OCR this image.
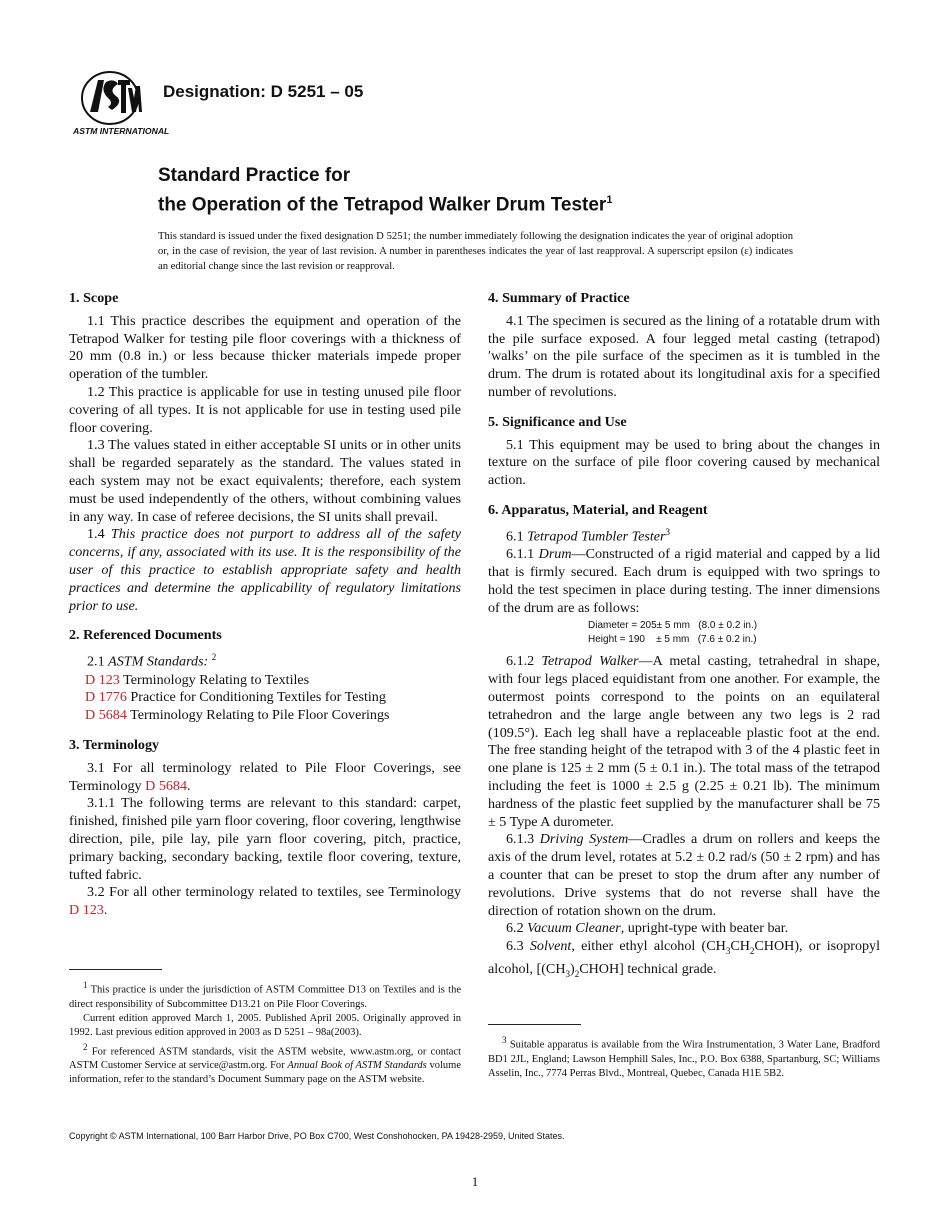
ASTM INTERNATIONAL
Designation: D 5251 – 05
Standard Practice for
the Operation of the Tetrapod Walker Drum Tester$^1$
This standard is issued under the fixed designation D 5251; the number immediately following the designation indicates the year of original adoption or, in the case of revision, the year of last revision. A number in parentheses indicates the year of last reapproval. A superscript epsilon (ε) indicates an editorial change since the last revision or reapproval.
1. Scope

1.1 This practice describes the equipment and operation of the Tetrapod Walker for testing pile floor coverings with a thickness of 20 mm (0.8 in.) or less because thicker materials impede proper operation of the tumbler.

1.2 This practice is applicable for use in testing unused pile floor covering of all types. It is not applicable for use in testing used pile floor covering.

1.3 The values stated in either acceptable SI units or in other units shall be regarded separately as the standard. The values stated in each system may not be exact equivalents; therefore, each system must be used independently of the others, without combining values in any way. In case of referee decisions, the SI units shall prevail.

1.4 This practice does not purport to address all of the safety concerns, if any, associated with its use. It is the responsibility of the user of this practice to establish appropriate safety and health practices and determine the applicability of regulatory limitations prior to use.

2. Referenced Documents

2.1 ASTM Standards: $^2$

D 123 Terminology Relating to Textiles

D 1776 Practice for Conditioning Textiles for Testing

D 5684 Terminology Relating to Pile Floor Coverings

3. Terminology

3.1 For all terminology related to Pile Floor Coverings, see Terminology D 5684.

3.1.1 The following terms are relevant to this standard: carpet, finished, finished pile yarn floor covering, floor covering, lengthwise direction, pile, pile lay, pile yarn floor covering, pitch, practice, primary backing, secondary backing, textile floor covering, texture, tufted fabric.

3.2 For all other terminology related to textiles, see Terminology D 123.

4. Summary of Practice

4.1 The specimen is secured as the lining of a rotatable drum with the pile surface exposed. A four legged metal casting (tetrapod) ′walks’ on the pile surface of the specimen as it is tumbled in the drum. The drum is rotated about its longitudinal axis for a specified number of revolutions.

5. Significance and Use

5.1 This equipment may be used to bring about the changes in texture on the surface of pile floor covering caused by mechanical action.

6. Apparatus, Material, and Reagent

6.1 Tetrapod Tumbler Tester$^3$

6.1.1 Drum—Constructed of a rigid material and capped by a lid that is firmly secured. Each drum is equipped with two springs to hold the test specimen in place during testing. The inner dimensions of the drum are as follows:

Diameter = 205± 5 mm   (8.0 ± 0.2 in.)
Height = 190    ± 5 mm   (7.6 ± 0.2 in.)

6.1.2 Tetrapod Walker—A metal casting, tetrahedral in shape, with four legs placed equidistant from one another. For example, the outermost points correspond to the points on an equilateral tetrahedron and the large angle between any two legs is 2 rad (109.5°). Each leg shall have a replaceable plastic foot at the end. The free standing height of the tetrapod with 3 of the 4 plastic feet in one plane is 125 ± 2 mm (5 ± 0.1 in.). The total mass of the tetrapod including the feet is 1000 ± 2.5 g (2.25 ± 0.21 lb). The minimum hardness of the plastic feet supplied by the manufacturer shall be 75 ± 5 Type A durometer.

6.1.3 Driving System—Cradles a drum on rollers and keeps the axis of the drum level, rotates at 5.2 ± 0.2 rad/s (50 ± 2 rpm) and has a counter that can be preset to stop the drum after any number of revolutions. Drive systems that do not reverse shall have the direction of rotation shown on the drum.

6.2 Vacuum Cleaner, upright-type with beater bar.

6.3 Solvent, either ethyl alcohol $(CH_3CH_2CHOH)$, or isopropyl alcohol, $[(CH_3)_2CHOH]$ technical grade.

$^1$ This practice is under the jurisdiction of ASTM Committee D13 on Textiles and is the direct responsibility of Subcommittee D13.21 on Pile Floor Coverings.

Current edition approved March 1, 2005. Published April 2005. Originally approved in 1992. Last previous edition approved in 2003 as D 5251 – 98a(2003).

$^2$ For referenced ASTM standards, visit the ASTM website, www.astm.org, or contact ASTM Customer Service at service@astm.org. For Annual Book of ASTM Standards volume information, refer to the standard’s Document Summary page on the ASTM website.

$^3$ Suitable apparatus is available from the Wira Instrumentation, 3 Water Lane, Bradford BD1 2JL, England; Lawson Hemphill Sales, Inc., P.O. Box 6388, Spartanburg, SC; Williams Asselin, Inc., 7774 Perras Blvd., Montreal, Quebec, Canada H1E 5B2.

Copyright © ASTM International, 100 Barr Harbor Drive, PO Box C700, West Conshohocken, PA 19428-2959, United States.
1
